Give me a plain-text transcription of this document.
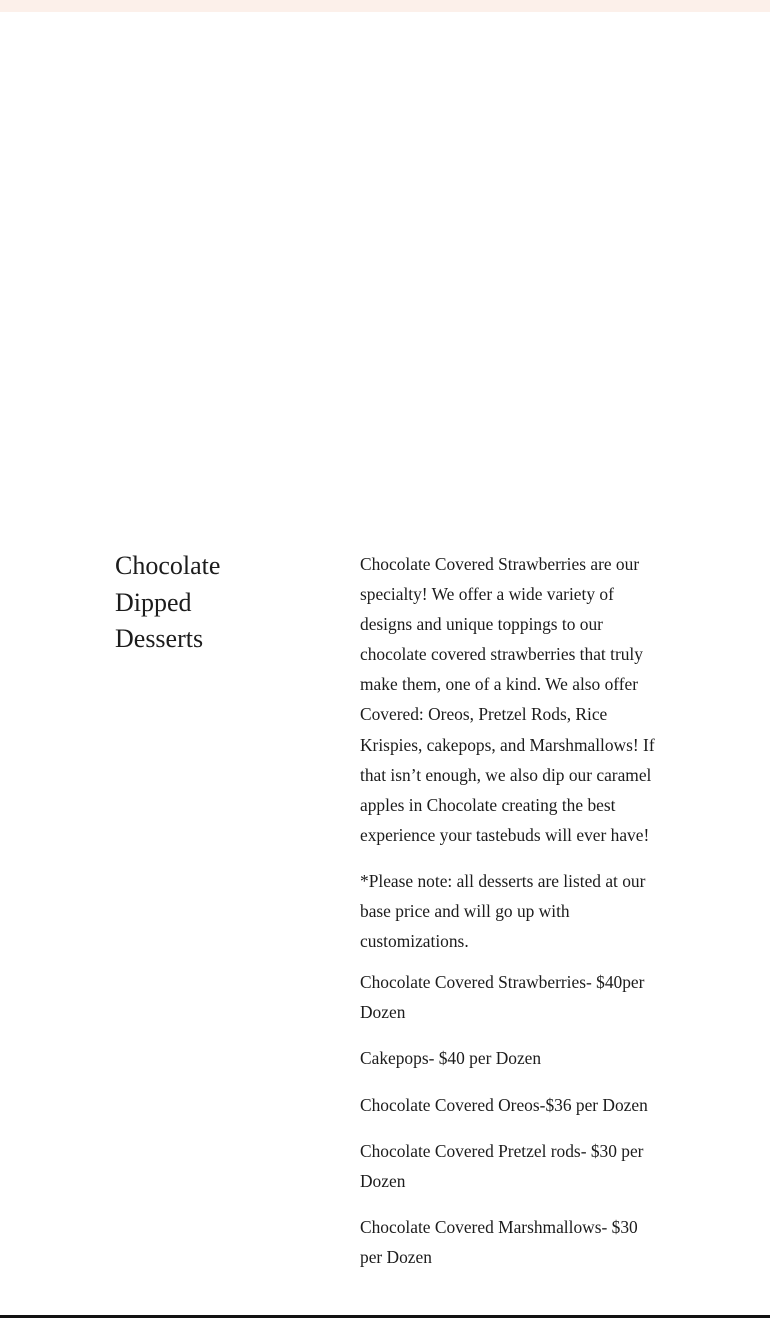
Chocolate
Dipped
Desserts

Chocolate Covered Strawberries are our specialty! We offer a wide variety of designs and unique toppings to our chocolate covered strawberries that truly make them, one of a kind. We also offer Covered: Oreos, Pretzel Rods, Rice Krispies, cakepops, and Marshmallows! If that isn’t enough, we also dip our caramel apples in Chocolate creating the best experience your tastebuds will ever have!

*Please note: all desserts are listed at our base price and will go up with customizations.

Chocolate Covered Strawberries- $40per Dozen

Cakepops- $40 per Dozen

Chocolate Covered Oreos-$36 per Dozen

Chocolate Covered Pretzel rods- $30 per Dozen

Chocolate Covered Marshmallows- $30 per Dozen
